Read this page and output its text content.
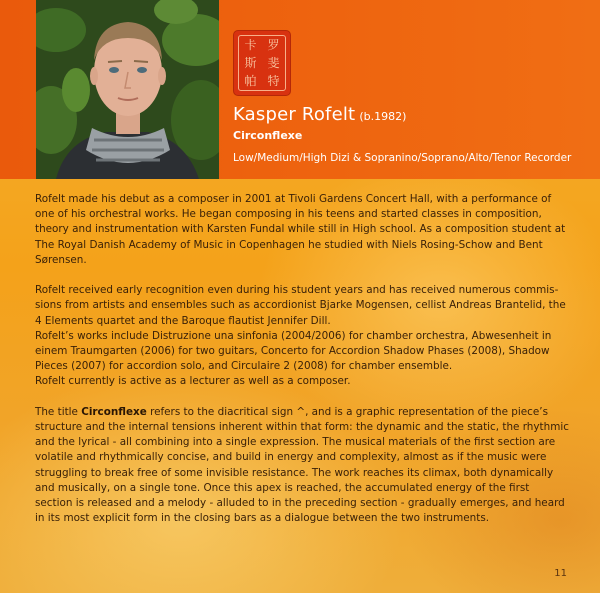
卡 罗
斯 斐
帕 特
Kasper Rofelt (b.1982)
Circonflexe
Low/Medium/High Dizi & Sopranino/Soprano/Alto/Tenor Recorder

Rofelt made his debut as a composer in 2001 at Tivoli Gardens Concert Hall, with a performance of one of his orchestral works. He began composing in his teens and started classes in composition, theory and instrumentation with Karsten Fundal while still in High school. As a composition student at The Royal Danish Academy of Music in Copenhagen he studied with Niels Rosing-Schow and Bent Sørensen.

Rofelt received early recognition even during his student years and has received numerous commis-sions from artists and ensembles such as accordionist Bjarke Mogensen, cellist Andreas Brantelid, the 4 Elements quartet and the Baroque flautist Jennifer Dill.

Rofelt’s works include Distruzione una sinfonia (2004/2006) for chamber orchestra, Abwesenheit in einem Traumgarten (2006) for two guitars, Concerto for Accordion Shadow Phases (2008), Shadow Pieces (2007) for accordion solo, and Circulaire 2 (2008) for chamber ensemble.

Rofelt currently is active as a lecturer as well as a composer.

The title Circonflexe refers to the diacritical sign ^, and is a graphic representation of the piece’s structure and the internal tensions inherent within that form: the dynamic and the static, the rhythmic and the lyrical - all combining into a single expression. The musical materials of the first section are volatile and rhythmically concise, and build in energy and complexity, almost as if the music were struggling to break free of some invisible resistance. The work reaches its climax, both dynamically and musically, on a single tone. Once this apex is reached, the accumulated energy of the first section is released and a melody - alluded to in the preceding section - gradually emerges, and heard in its most explicit form in the closing bars as a dialogue between the two instruments.

11
